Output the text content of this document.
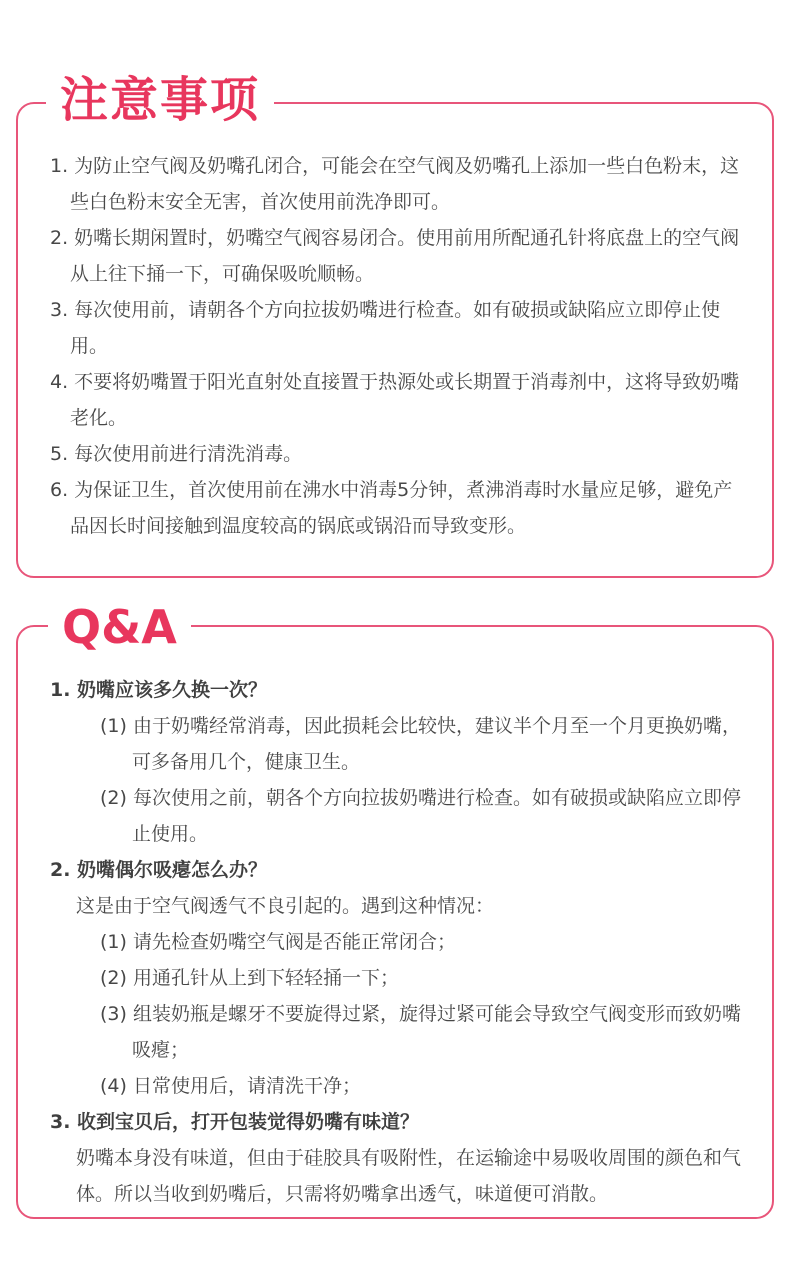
注意事项

1. 为防止空气阀及奶嘴孔闭合，可能会在空气阀及奶嘴孔上添加一些白色粉末，这些白色粉末安全无害，首次使用前洗净即可。

2. 奶嘴长期闲置时，奶嘴空气阀容易闭合。使用前用所配通孔针将底盘上的空气阀从上往下捅一下，可确保吸吮顺畅。

3. 每次使用前，请朝各个方向拉拔奶嘴进行检查。如有破损或缺陷应立即停止使用。

4. 不要将奶嘴置于阳光直射处直接置于热源处或长期置于消毒剂中，这将导致奶嘴老化。

5. 每次使用前进行清洗消毒。

6. 为保证卫生，首次使用前在沸水中消毒5分钟，煮沸消毒时水量应足够，避免产品因长时间接触到温度较高的锅底或锅沿而导致变形。

Q&A

1. 奶嘴应该多久换一次？

(1) 由于奶嘴经常消毒，因此损耗会比较快，建议半个月至一个月更换奶嘴，可多备用几个，健康卫生。

(2) 每次使用之前，朝各个方向拉拔奶嘴进行检查。如有破损或缺陷应立即停止使用。

2. 奶嘴偶尔吸瘪怎么办？

这是由于空气阀透气不良引起的。遇到这种情况：

(1) 请先检查奶嘴空气阀是否能正常闭合；

(2) 用通孔针从上到下轻轻捅一下；

(3) 组装奶瓶是螺牙不要旋得过紧，旋得过紧可能会导致空气阀变形而致奶嘴吸瘪；

(4) 日常使用后，请清洗干净；

3. 收到宝贝后，打开包装觉得奶嘴有味道？

奶嘴本身没有味道，但由于硅胶具有吸附性，在运输途中易吸收周围的颜色和气体。所以当收到奶嘴后，只需将奶嘴拿出透气，味道便可消散。
